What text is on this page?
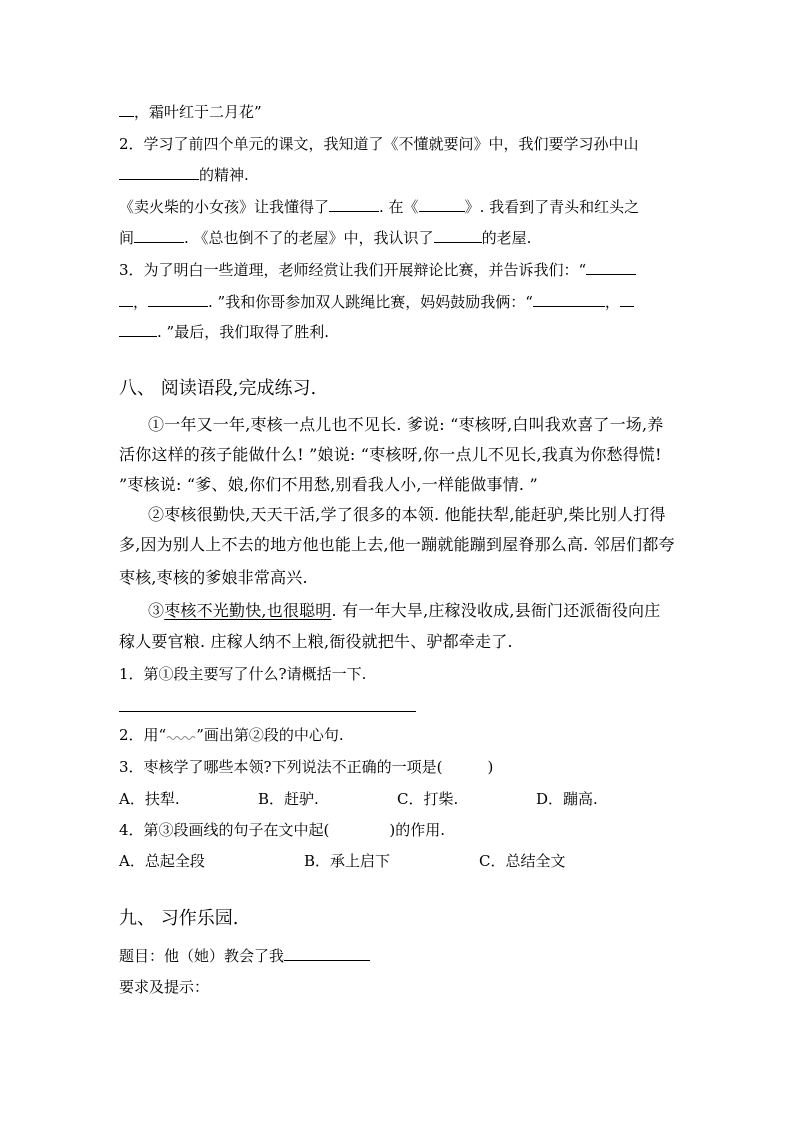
，霜叶红于二月花”
2．学习了前四个单元的课文，我知道了《不懂就要问》中，我们要学习孙中山
的精神.
《卖火柴的小女孩》让我懂得了	. 在《	》. 我看到了青头和红头之
间	. 《总也倒不了的老屋》中，我认识了	的老屋.
3．为了明白一些道理，老师经赏让我们开展辩论比赛，并告诉我们：“
，	. ”我和你哥参加双人跳绳比赛，妈妈鼓励我俩：“	，
. ”最后，我们取得了胜利.
八、 阅读语段,完成练习.
①一年又一年,枣核一点儿也不见长. 爹说: “枣核呀,白叫我欢喜了一场,养
活你这样的孩子能做什么! ”娘说: “枣核呀,你一点儿不见长,我真为你愁得慌!
”枣核说: “爹、娘,你们不用愁,别看我人小,一样能做事情. ”
②枣核很勤快,天天干活,学了很多的本领. 他能扶犁,能赶驴,柴比别人打得
多,因为别人上不去的地方他也能上去,他一蹦就能蹦到屋脊那么高. 邻居们都夸
枣核,枣核的爹娘非常高兴.
③枣核不光勤快,也很聪明. 有一年大旱,庄稼没收成,县衙门还派衙役向庄
稼人要官粮. 庄稼人纳不上粮,衙役就把牛、驴都牵走了.
1．第①段主要写了什么?请概括一下.
2．用“ ”画出第②段的中心句.
3．枣核学了哪些本领?下列说法不正确的一项是(　　　)
A．扶犁.	B．赶驴.	C．打柴.	D．蹦高.
4．第③段画线的句子在文中起(　　　　)的作用.
A．总起全段	B．承上启下	C．总结全文
九、 习作乐园.
题目：他（她）教会了我
要求及提示：
